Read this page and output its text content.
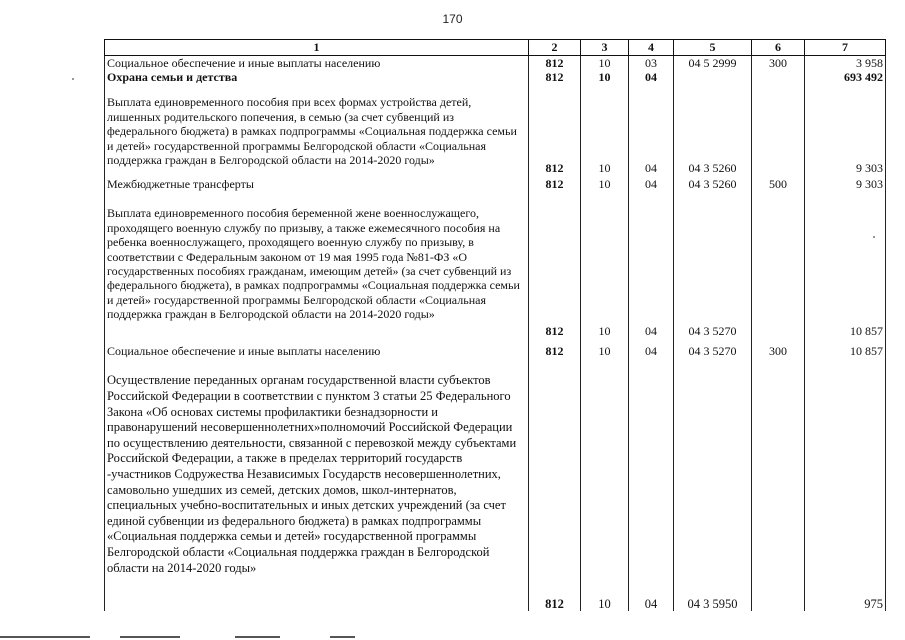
170
1	2	3	4	5	6	7
Социальное обеспечение и иные выплаты населению	812	10	03	04 5 2999	300	3 958
Охрана семьи и детства	812	10	04			693 492
Выплата единовременного пособия при всех формах устройства детей, лишенных родительского попечения, в семью (за счет субвенций из федерального бюджета) в рамках подпрограммы «Социальная поддержка семьи и детей» государственной программы Белгородской области «Социальная поддержка граждан в Белгородской области на 2014-2020 годы»	812	10	04	04 3 5260		9 303
Межбюджетные трансферты	812	10	04	04 3 5260	500	9 303
Выплата единовременного пособия беременной жене военнослужащего, проходящего военную службу по призыву, а также ежемесячного пособия на ребенка военнослужащего, проходящего военную службу по призыву, в соответствии с Федеральным законом от 19 мая 1995 года №81-ФЗ «О государственных пособиях гражданам, имеющим детей» (за счет субвенций из федерального бюджета), в рамках подпрограммы «Социальная поддержка семьи и детей» государственной программы Белгородской области «Социальная поддержка граждан в Белгородской области на 2014-2020 годы»	812	10	04	04 3 5270		10 857
Социальное обеспечение и иные выплаты населению	812	10	04	04 3 5270	300	10 857
Осуществление переданных органам государственной власти субъектов Российской Федерации в соответствии с пунктом 3 статьи 25 Федерального Закона «Об основах системы профилактики безнадзорности и правонарушений несовершеннолетних»полномочий Российской Федерации по осуществлению деятельности, связанной с перевозкой между субъектами Российской Федерации, а также в пределах территорий государств -участников Содружества Независимых Государств несовершеннолетних, самовольно ушедших из семей, детских домов, школ-интернатов, специальных учебно-воспитательных и иных детских учреждений (за счет единой субвенции из федерального бюджета) в рамках подпрограммы «Социальная поддержка семьи и детей» государственной программы Белгородской области «Социальная поддержка граждан в Белгородской области на 2014-2020 годы»	812	10	04	04 3 5950		975
